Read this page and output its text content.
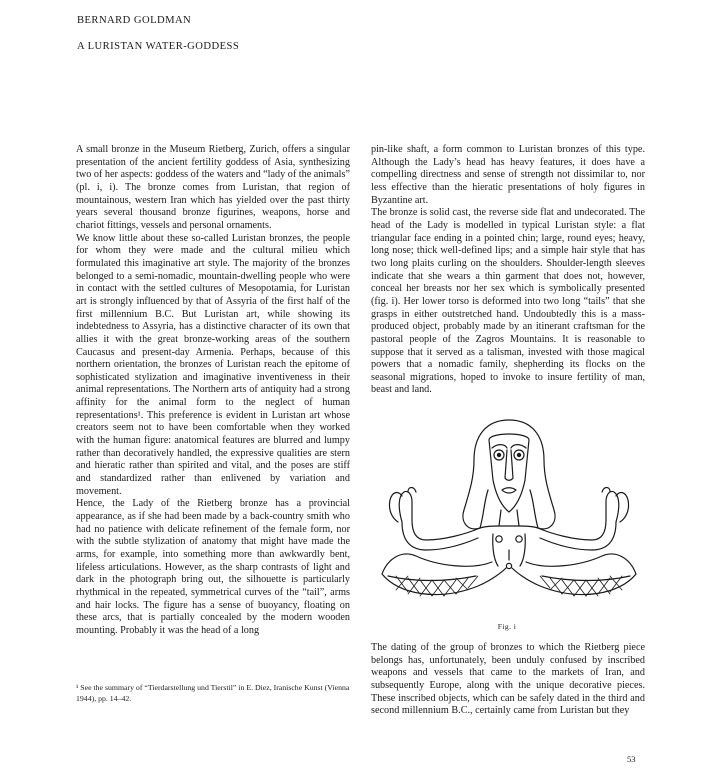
BERNARD GOLDMAN
A LURISTAN WATER-GODDESS

A small bronze in the Museum Rietberg, Zurich, offers a singular presentation of the ancient fertility goddess of Asia, synthesizing two of her aspects: goddess of the waters and “lady of the animals” (pl. i, i). The bronze comes from Luristan, that region of mountainous, western Iran which has yielded over the past thirty years several thousand bronze figurines, weapons, horse and chariot fittings, vessels and personal ornaments.

We know little about these so-called Luristan bronzes, the people for whom they were made and the cultural milieu which formulated this imaginative art style. The majority of the bronzes belonged to a semi-nomadic, mountain-dwelling people who were in contact with the settled cultures of Mesopotamia, for Luristan art is strongly influenced by that of Assyria of the first half of the first millennium B.C. But Luristan art, while showing its indebtedness to Assyria, has a distinctive character of its own that allies it with the great bronze-working areas of the southern Caucasus and present-day Armenia. Perhaps, because of this northern orientation, the bronzes of Luristan reach the epitome of sophisticated stylization and imaginative inventiveness in their animal representations. The Northern arts of antiquity had a strong affinity for the animal form to the neglect of human representations¹. This preference is evident in Luristan art whose creators seem not to have been comfortable when they worked with the human figure: anatomical features are blurred and lumpy rather than decoratively handled, the expressive qualities are stern and hieratic rather than spirited and vital, and the poses are stiff and standardized rather than enlivened by variation and movement.

Hence, the Lady of the Rietberg bronze has a provincial appearance, as if she had been made by a back-country smith who had no patience with delicate refinement of the female form, nor with the subtle stylization of anatomy that might have made the arms, for example, into something more than awkwardly bent, lifeless articulations. However, as the sharp contrasts of light and dark in the photograph bring out, the silhouette is particularly rhythmical in the repeated, symmetrical curves of the “tail”, arms and hair locks. The figure has a sense of buoyancy, floating on these arcs, that is partially concealed by the modern wooden mounting. Probably it was the head of a long

pin-like shaft, a form common to Luristan bronzes of this type. Although the Lady’s head has heavy features, it does have a compelling directness and sense of strength not dissimilar to, nor less effective than the hieratic presentations of holy figures in Byzantine art.

The bronze is solid cast, the reverse side flat and undecorated. The head of the Lady is modelled in typical Luristan style: a flat triangular face ending in a pointed chin; large, round eyes; heavy, long nose; thick well-defined lips; and a simple hair style that has two long plaits curling on the shoulders. Shoulder-length sleeves indicate that she wears a thin garment that does not, however, conceal her breasts nor her sex which is symbolically presented (fig. i). Her lower torso is deformed into two long “tails” that she grasps in either outstretched hand. Undoubtedly this is a mass-produced object, probably made by an itinerant craftsman for the pastoral people of the Zagros Mountains. It is reasonable to suppose that it served as a talisman, invested with those magical powers that a nomadic family, shepherding its flocks on the seasonal migrations, hoped to invoke to insure fertility of man, beast and land.

Fig. i

The dating of the group of bronzes to which the Rietberg piece belongs has, unfortunately, been unduly confused by inscribed weapons and vessels that came to the markets of Iran, and subsequently Europe, along with the unique decorative pieces. These inscribed objects, which can be safely dated in the third and second millennium B.C., certainly came from Luristan but they

¹ See the summary of “Tierdarstellung und Tierstil” in E. Diez, Iranische Kunst (Vienna 1944), pp. 14–42.
53
